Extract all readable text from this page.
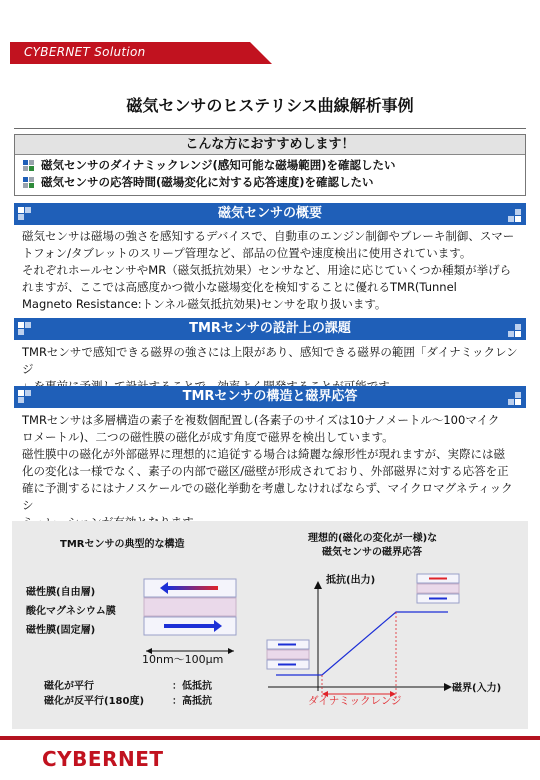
CYBERNET Solution
磁気センサのヒステリシス曲線解析事例
こんな方におすすめします！
磁気センサのダイナミックレンジ(感知可能な磁場範囲)を確認したい
磁気センサの応答時間(磁場変化に対する応答速度)を確認したい
磁気センサの概要
磁気センサは磁場の強さを感知するデバイスで、自動車のエンジン制御やブレーキ制御、スマー
トフォン/タブレットのスリープ管理など、部品の位置や速度検出に使用されています。
それぞれホールセンサやMR（磁気抵抗効果）センサなど、用途に応じていくつか種類が挙げら
れますが、ここでは高感度かつ微小な磁場変化を検知することに優れるTMR(Tunnel
Magneto Resistance:トンネル磁気抵抗効果)センサを取り扱います。
TMRセンサの設計上の課題
TMRセンサで感知できる磁界の強さには上限があり、感知できる磁界の範囲「ダイナミックレンジ
TMRセンサの構造と磁界応答
TMRセンサは多層構造の素子を複数個配置し(各素子のサイズは10ナノメートル～100マイク
ロメートル)、二つの磁性膜の磁化が成す角度で磁界を検出しています。
磁性膜中の磁化が外部磁界に理想的に追従する場合は綺麗な線形性が現れますが、実際には磁
化の変化は一様でなく、素子の内部で磁区/磁壁が形成されており、外部磁界に対する応答を正
確に予測するにはナノスケールでの磁化挙動を考慮しなければならず、マイクロマグネティックシ
TMRセンサの典型的な構造
磁性膜(自由層)
酸化マグネシウム膜
磁性膜(固定層)
10nm～100μm
磁化が平行	：低抵抗
磁化が反平行(180度)	：高抵抗
理想的(磁化の変化が一様)な
磁気センサの磁界応答
抵抗(出力)
磁界(入力)
ダイナミックレンジ
CYBERNET
